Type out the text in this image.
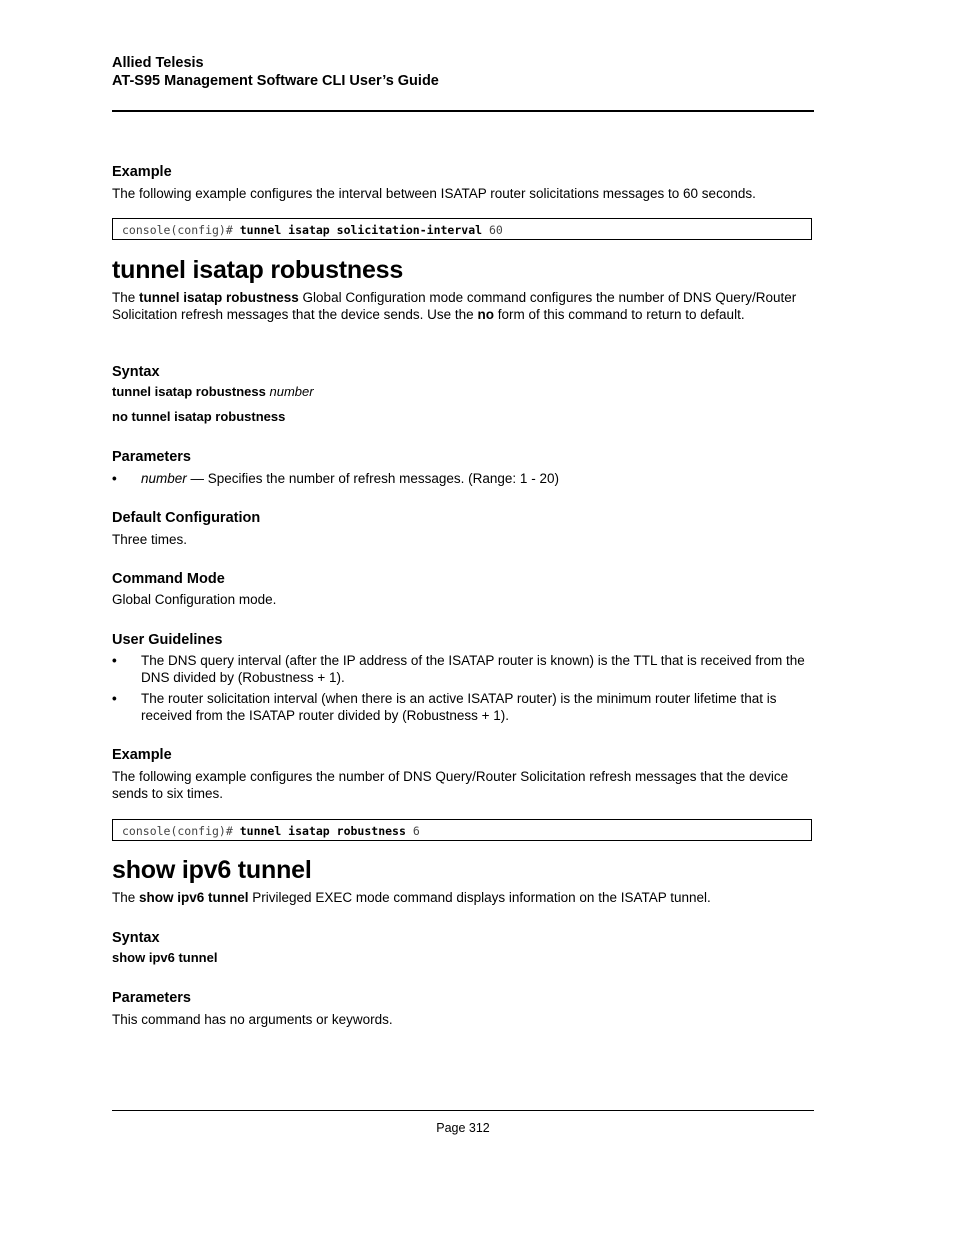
Allied Telesis
AT-S95 Management Software CLI User’s Guide
Example
The following example configures the interval between ISATAP router solicitations messages to 60 seconds.
console(config)# tunnel isatap solicitation-interval 60
tunnel isatap robustness
The tunnel isatap robustness Global Configuration mode command configures the number of DNS Query/Router Solicitation refresh messages that the device sends. Use the no form of this command to return to default.
Syntax
tunnel isatap robustness number
no tunnel isatap robustness
Parameters
• number — Specifies the number of refresh messages. (Range: 1 - 20)
Default Configuration
Three times.
Command Mode
Global Configuration mode.
User Guidelines
• The DNS query interval (after the IP address of the ISATAP router is known) is the TTL that is received from the DNS divided by (Robustness + 1).
• The router solicitation interval (when there is an active ISATAP router) is the minimum router lifetime that is received from the ISATAP router divided by (Robustness + 1).
Example
The following example configures the number of DNS Query/Router Solicitation refresh messages that the device sends to six times.
console(config)# tunnel isatap robustness 6
show ipv6 tunnel
The show ipv6 tunnel Privileged EXEC mode command displays information on the ISATAP tunnel.
Syntax
show ipv6 tunnel
Parameters
This command has no arguments or keywords.
Page 312
